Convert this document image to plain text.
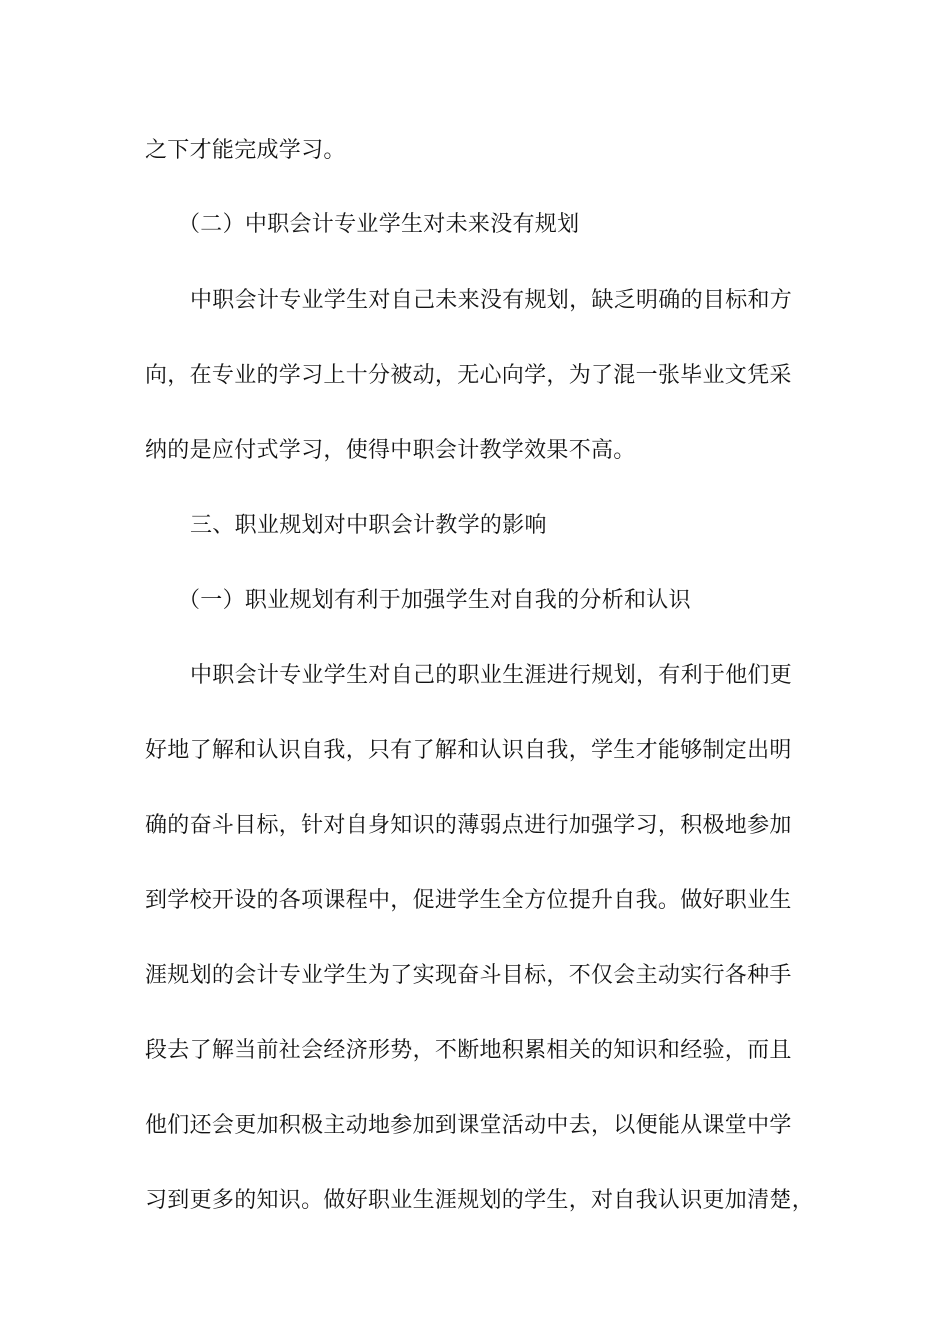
之下才能完成学习。

（二）中职会计专业学生对未来没有规划

中职会计专业学生对自己未来没有规划，缺乏明确的目标和方

向，在专业的学习上十分被动，无心向学，为了混一张毕业文凭采

纳的是应付式学习，使得中职会计教学效果不高。

三、职业规划对中职会计教学的影响

（一）职业规划有利于加强学生对自我的分析和认识

中职会计专业学生对自己的职业生涯进行规划，有利于他们更

好地了解和认识自我，只有了解和认识自我，学生才能够制定出明

确的奋斗目标，针对自身知识的薄弱点进行加强学习，积极地参加

到学校开设的各项课程中，促进学生全方位提升自我。做好职业生

涯规划的会计专业学生为了实现奋斗目标，不仅会主动实行各种手

段去了解当前社会经济形势，不断地积累相关的知识和经验，而且

他们还会更加积极主动地参加到课堂活动中去，以便能从课堂中学

习到更多的知识。做好职业生涯规划的学生，对自我认识更加清楚，
